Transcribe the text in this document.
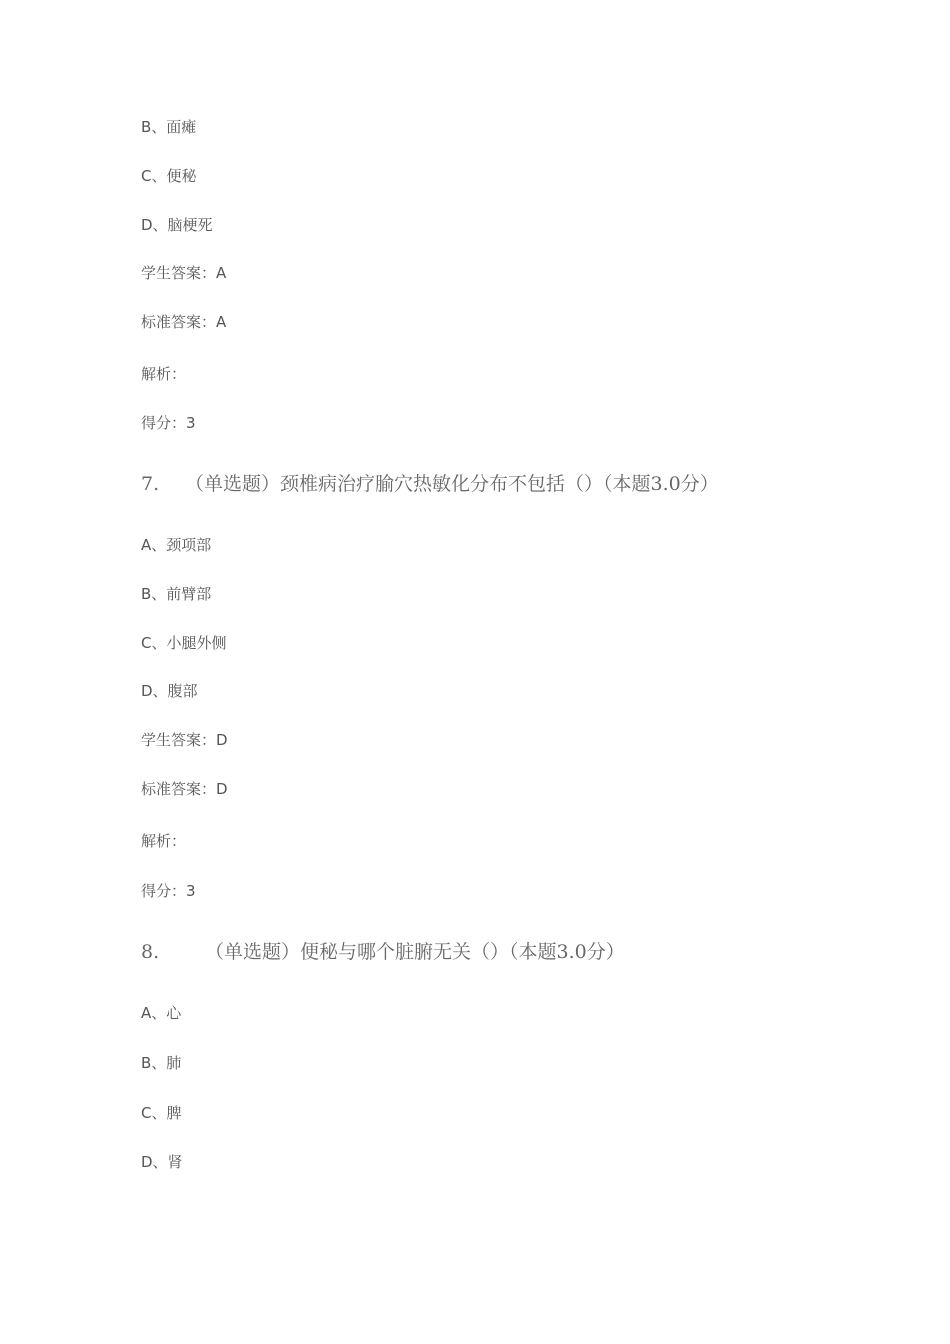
B、面瘫
C、便秘
D、脑梗死
学生答案：A
标准答案：A
解析：
得分：3
7. （单选题）颈椎病治疗腧穴热敏化分布不包括（）（本题3.0分）
A、颈项部
B、前臂部
C、小腿外侧
D、腹部
学生答案：D
标准答案：D
解析：
得分：3
8. （单选题）便秘与哪个脏腑无关（）（本题3.0分）
A、心
B、肺
C、脾
D、肾
